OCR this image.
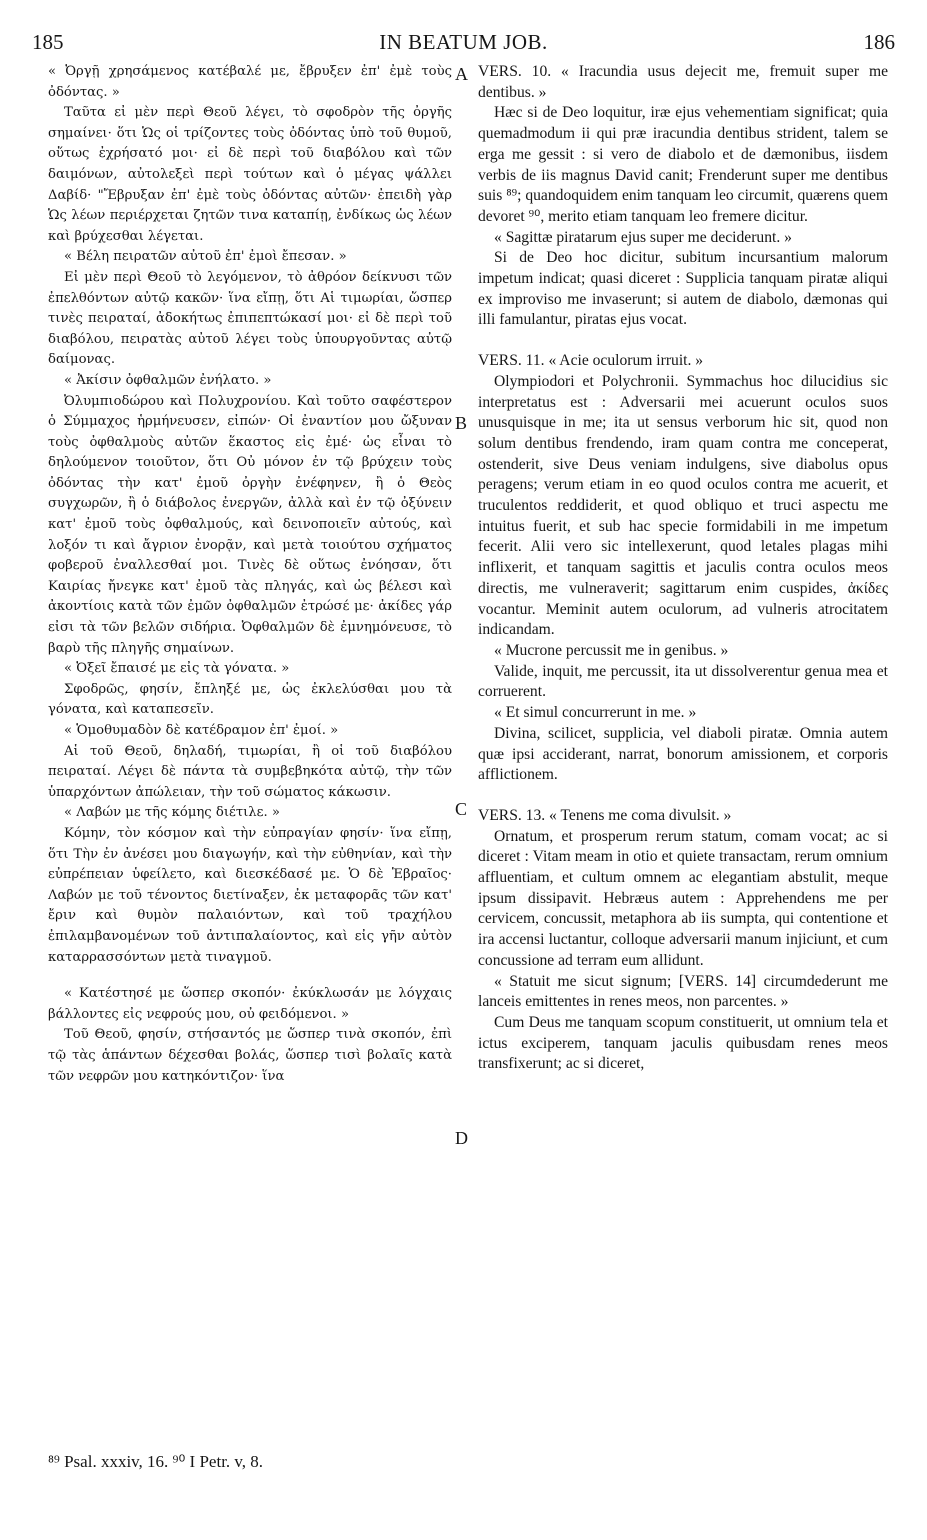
185	IN BEATUM JOB.	186

« Ὀργῇ χρησάμενος κατέβαλέ με, ἔβρυξεν ἐπ' ἐμὲ τοὺς ὀδόντας. »

Ταῦτα εἰ μὲν περὶ Θεοῦ λέγει, τὸ σφοδρὸν τῆς ὀργῆς σημαίνει· ὅτι Ὡς οἱ τρίζοντες τοὺς ὀδόντας ὑπὸ τοῦ θυμοῦ, οὕτως ἐχρήσατό μοι· εἰ δὲ περὶ τοῦ διαβόλου καὶ τῶν δαιμόνων, αὐτολεξεὶ περὶ τούτων καὶ ὁ μέγας ψάλλει Δαβίδ· "Ἔβρυξαν ἐπ' ἐμὲ τοὺς ὀδόντας αὐτῶν· ἐπειδὴ γὰρ Ὡς λέων περιέρχεται ζητῶν τινα καταπίῃ, ἐνδίκως ὡς λέων καὶ βρύχεσθαι λέγεται.

« Βέλη πειρατῶν αὐτοῦ ἐπ' ἐμοὶ ἔπεσαν. »

Εἰ μὲν περὶ Θεοῦ τὸ λεγόμενον, τὸ ἀθρόον δείκνυσι τῶν ἐπελθόντων αὐτῷ κακῶν· ἵνα εἴπῃ, ὅτι Αἱ τιμωρίαι, ὥσπερ τινὲς πειραταί, ἀδοκήτως ἐπιπεπτώκασί μοι· εἰ δὲ περὶ τοῦ διαβόλου, πειρατὰς αὐτοῦ λέγει τοὺς ὑπουργοῦντας αὐτῷ δαίμονας.

« Ἀκίσιν ὀφθαλμῶν ἐνήλατο. »

Ὀλυμπιοδώρου καὶ Πολυχρονίου. Καὶ τοῦτο σαφέστερον ὁ Σύμμαχος ἡρμήνευσεν, εἰπών· Οἱ ἐναντίον μου ὤξυναν τοὺς ὀφθαλμοὺς αὐτῶν ἕκαστος εἰς ἐμέ· ὡς εἶναι τὸ δηλούμενον τοιοῦτον, ὅτι Οὐ μόνον ἐν τῷ βρύχειν τοὺς ὀδόντας τὴν κατ' ἐμοῦ ὀργὴν ἐνέφηνεν, ἢ ὁ Θεὸς συγχωρῶν, ἢ ὁ διάβολος ἐνεργῶν, ἀλλὰ καὶ ἐν τῷ ὀξύνειν κατ' ἐμοῦ τοὺς ὀφθαλμούς, καὶ δεινοποιεῖν αὐτούς, καὶ λοξόν τι καὶ ἄγριον ἐνορᾷν, καὶ μετὰ τοιούτου σχήματος φοβεροῦ ἐναλλεσθαί μοι. Τινὲς δὲ οὕτως ἐνόησαν, ὅτι Καιρίας ἤνεγκε κατ' ἐμοῦ τὰς πληγάς, καὶ ὡς βέλεσι καὶ ἀκοντίοις κατὰ τῶν ἐμῶν ὀφθαλμῶν ἐτρώσέ με· ἀκίδες γάρ εἰσι τὰ τῶν βελῶν σιδήρια. Ὀφθαλμῶν δὲ ἐμνημόνευσε, τὸ βαρὺ τῆς πληγῆς σημαίνων.

« Ὀξεῖ ἔπαισέ με εἰς τὰ γόνατα. »

Σφοδρῶς, φησίν, ἔπληξέ με, ὡς ἐκλελύσθαι μου τὰ γόνατα, καὶ καταπεσεῖν.

« Ὁμοθυμαδὸν δὲ κατέδραμον ἐπ' ἐμοί. »

Αἱ τοῦ Θεοῦ, δηλαδή, τιμωρίαι, ἢ οἱ τοῦ διαβόλου πειραταί. Λέγει δὲ πάντα τὰ συμβεβηκότα αὐτῷ, τὴν τῶν ὑπαρχόντων ἀπώλειαν, τὴν τοῦ σώματος κάκωσιν.

« Λαβών με τῆς κόμης διέτιλε. »

Κόμην, τὸν κόσμον καὶ τὴν εὐπραγίαν φησίν· ἵνα εἴπῃ, ὅτι Τὴν ἐν ἀνέσει μου διαγωγήν, καὶ τὴν εὐθηνίαν, καὶ τὴν εὐπρέπειαν ὑφείλετο, καὶ διεσκέδασέ με. Ὁ δὲ Ἑβραῖος· Λαβών με τοῦ τένοντος διετίναξεν, ἐκ μεταφορᾶς τῶν κατ' ἔριν καὶ θυμὸν παλαιόντων, καὶ τοῦ τραχήλου ἐπιλαμβανομένων τοῦ ἀντιπαλαίοντος, καὶ εἰς γῆν αὐτὸν καταρρασσόντων μετὰ τιναγμοῦ.

« Κατέστησέ με ὥσπερ σκοπόν· ἐκύκλωσάν με λόγχαις βάλλοντες εἰς νεφρούς μου, οὐ φειδόμενοι. »

Τοῦ Θεοῦ, φησίν, στήσαντός με ὥσπερ τινὰ σκοπόν, ἐπὶ τῷ τὰς ἁπάντων δέχεσθαι βολάς, ὥσπερ τισὶ βολαῖς κατὰ τῶν νεφρῶν μου κατηκόντιζον· ἵνα

A
B
C
D

VERS. 10. « Iracundia usus dejecit me, fremuit super me dentibus. »

Hæc si de Deo loquitur, iræ ejus vehementiam significat; quia quemadmodum ii qui præ iracundia dentibus strident, talem se erga me gessit : si vero de diabolo et de dæmonibus, iisdem verbis de iis magnus David canit; Frenderunt super me dentibus suis ⁸⁹; quandoquidem enim tanquam leo circumit, quærens quem devoret ⁹⁰, merito etiam tanquam leo fremere dicitur.

« Sagittæ piratarum ejus super me deciderunt. »

Si de Deo hoc dicitur, subitum incursantium malorum impetum indicat; quasi diceret : Supplicia tanquam piratæ aliqui ex improviso me invaserunt; si autem de diabolo, dæmonas qui illi famulantur, piratas ejus vocat.

VERS. 11. « Acie oculorum irruit. »

Olympiodori et Polychronii. Symmachus hoc dilucidius sic interpretatus est : Adversarii mei acuerunt oculos suos unusquisque in me; ita ut sensus verborum hic sit, quod non solum dentibus frendendo, iram quam contra me conceperat, ostenderit, sive Deus veniam indulgens, sive diabolus opus peragens; verum etiam in eo quod oculos contra me acuerit, et truculentos reddiderit, et quod obliquo et truci aspectu me intuitus fuerit, et sub hac specie formidabili in me impetum fecerit. Alii vero sic intellexerunt, quod letales plagas mihi inflixerit, et tanquam sagittis et jaculis contra oculos meos directis, me vulneraverit; sagittarum enim cuspides, ἀκίδες vocantur. Meminit autem oculorum, ad vulneris atrocitatem indicandam.

« Mucrone percussit me in genibus. »

Valide, inquit, me percussit, ita ut dissolverentur genua mea et corruerent.

« Et simul concurrerunt in me. »

Divina, scilicet, supplicia, vel diaboli piratæ. Omnia autem quæ ipsi acciderant, narrat, bonorum amissionem, et corporis afflictionem.

VERS. 13. « Tenens me coma divulsit. »

Ornatum, et prosperum rerum statum, comam vocat; ac si diceret : Vitam meam in otio et quiete transactam, rerum omnium affluentiam, et cultum omnem ac elegantiam abstulit, meque ipsum dissipavit. Hebræus autem : Apprehendens me per cervicem, concussit, metaphora ab iis sumpta, qui contentione et ira accensi luctantur, colloque adversarii manum injiciunt, et cum concussione ad terram eum allidunt.

« Statuit me sicut signum; [VERS. 14] circumdederunt me lanceis emittentes in renes meos, non parcentes. »

Cum Deus me tanquam scopum constituerit, ut omnium tela et ictus exciperem, tanquam jaculis quibusdam renes meos transfixerunt; ac si diceret,

⁸⁹ Psal. xxxiv, 16. ⁹⁰ I Petr. v, 8.
